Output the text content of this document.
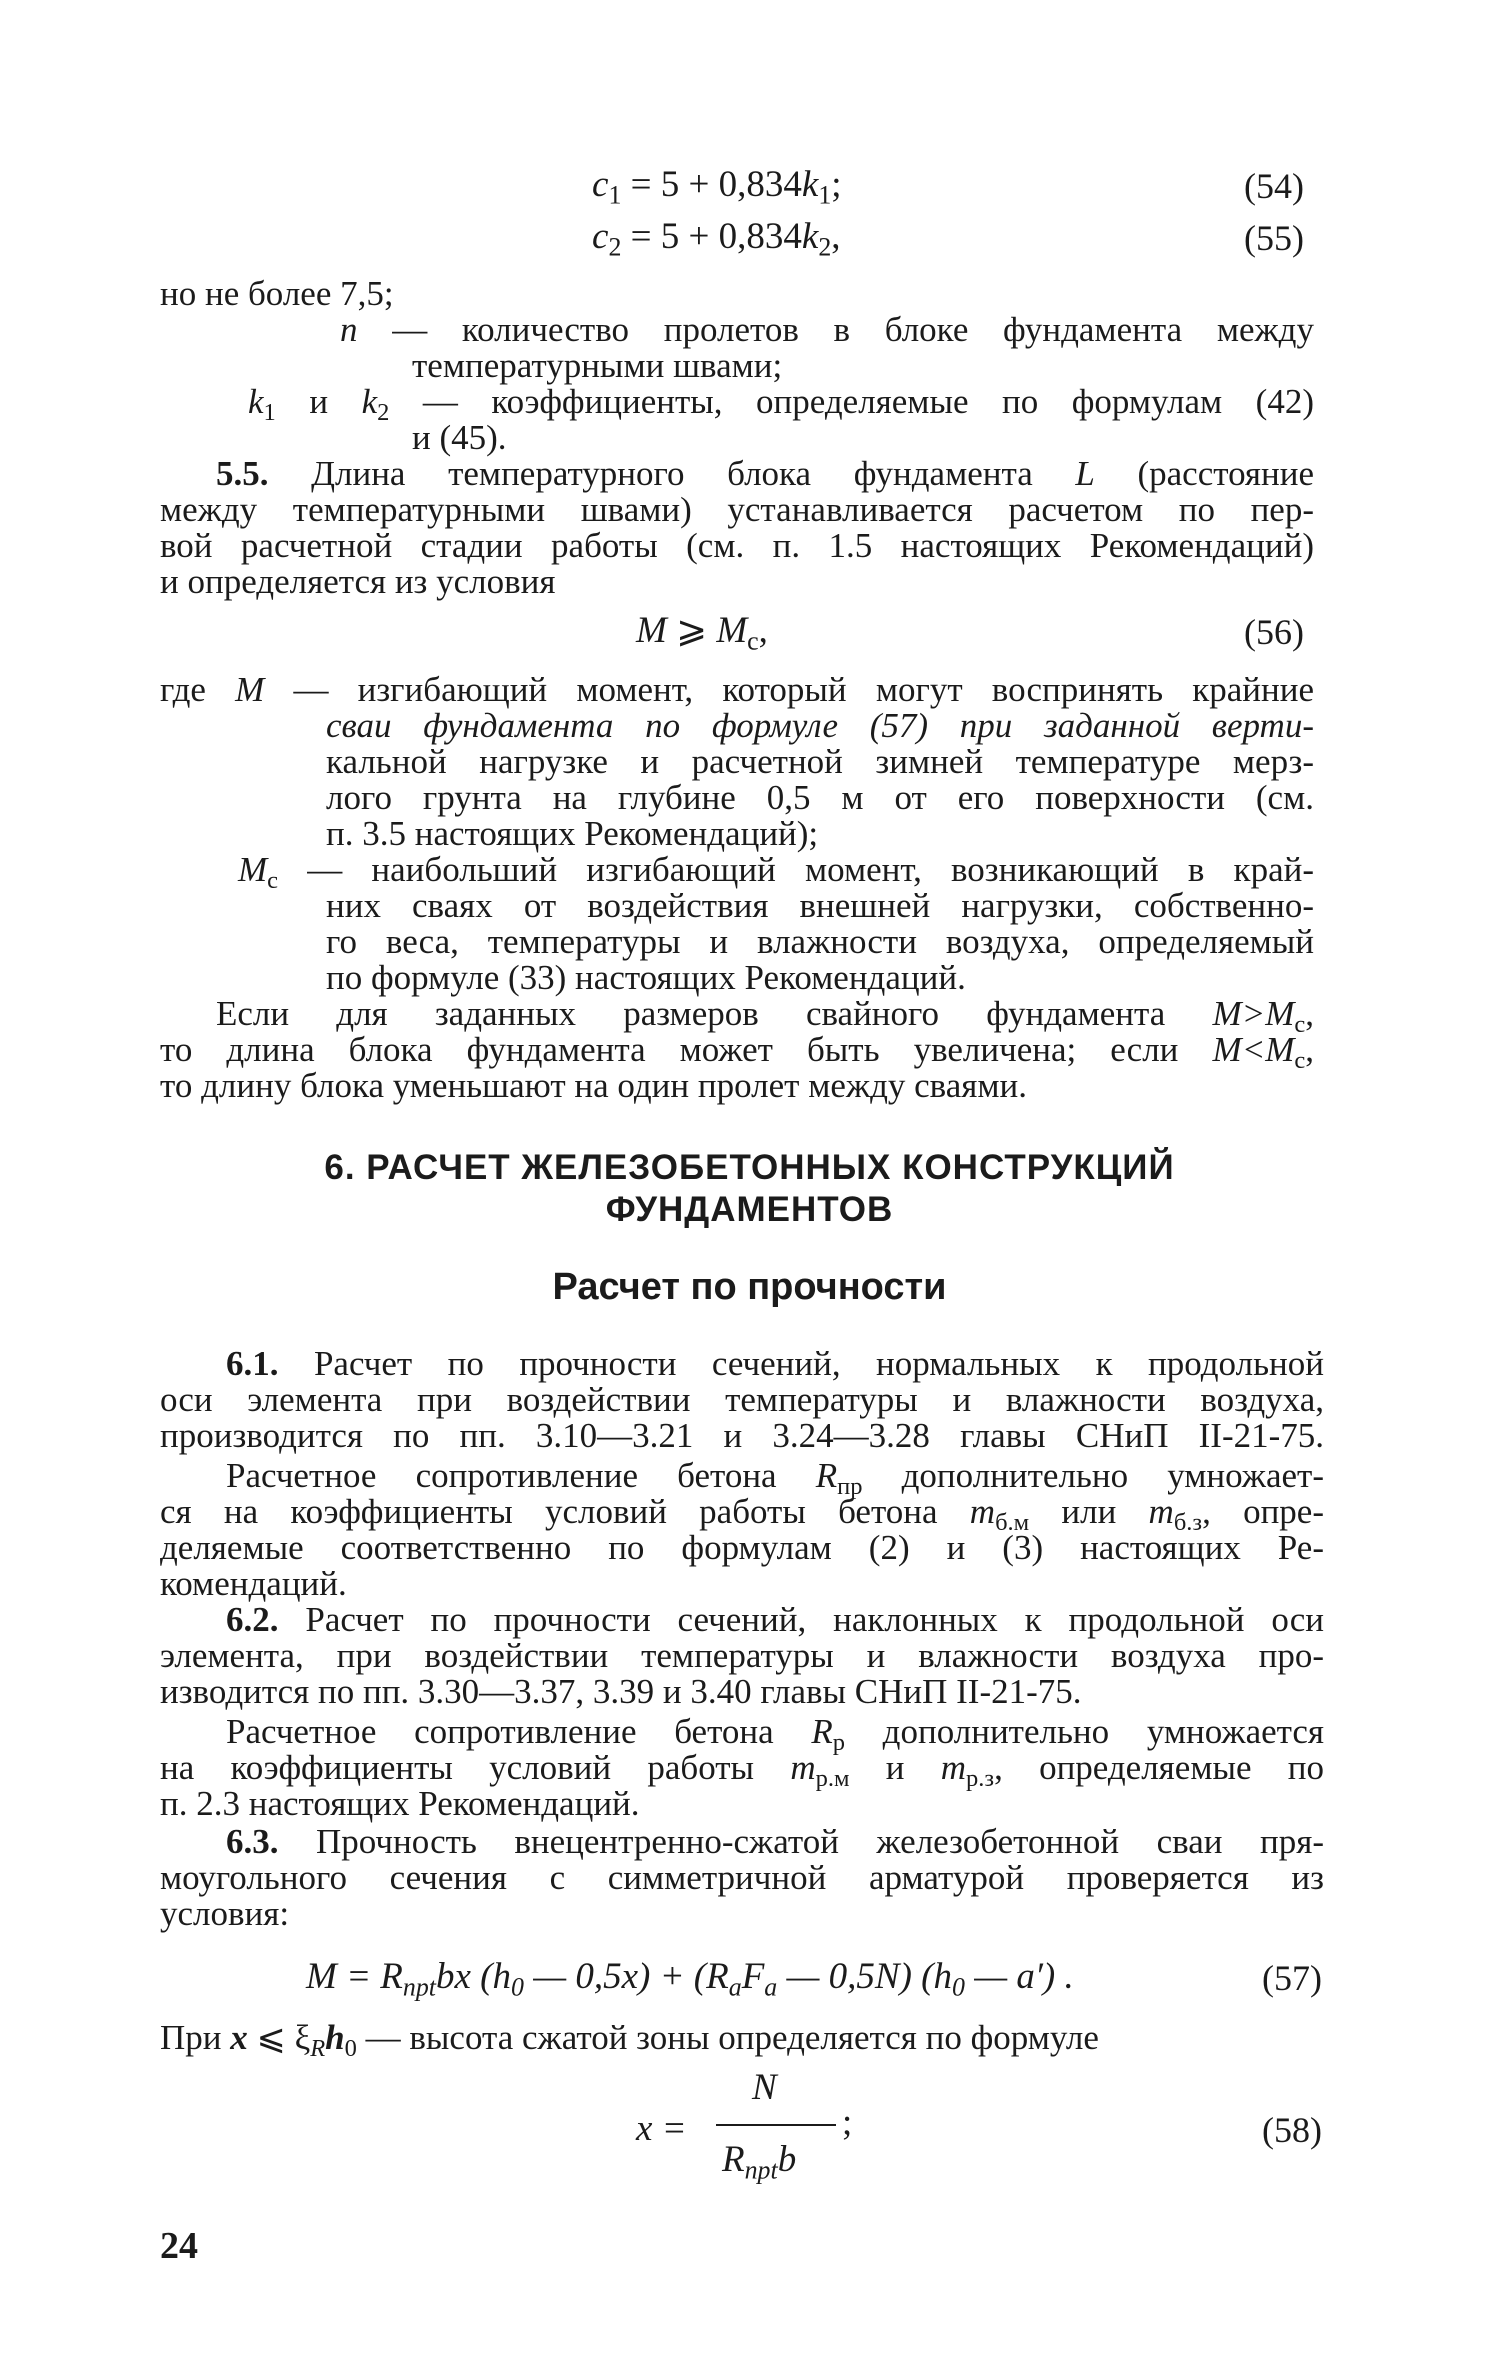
$c_1 = 5 + 0,834k_1$;	(54)
$c_2 = 5 + 0,834k_2$,	(55)
но не более 7,5;
n — количество пролетов в блоке фундамента между
температурными швами;
$k_1$ и $k_2$ — коэффициенты, определяемые по формулам (42)
и (45).
5.5. Длина температурного блока фундамента L (расстояние
между температурными швами) устанавливается расчетом по пер-
вой расчетной стадии работы (см. п. 1.5 настоящих Рекомендаций)
и определяется из условия
M ⩾ $M_c$,	(56)
где M — изгибающий момент, который могут воспринять крайние
сваи фундамента по формуле (57) при заданной верти-
кальной нагрузке и расчетной зимней температуре мерз-
лого грунта на глубине 0,5 м от его поверхности (см.
п. 3.5 настоящих Рекомендаций);
$M_c$ — наибольший изгибающий момент, возникающий в край-
них сваях от воздействия внешней нагрузки, собственно-
го веса, температуры и влажности воздуха, определяемый
по формуле (33) настоящих Рекомендаций.
Если для заданных размеров свайного фундамента $M>M_c$,
то длина блока фундамента может быть увеличена; если $M<M_c$,
то длину блока уменьшают на один пролет между сваями.
6. РАСЧЕТ ЖЕЛЕЗОБЕТОННЫХ КОНСТРУКЦИЙ
ФУНДАМЕНТОВ
Расчет по прочности
6.1. Расчет по прочности сечений, нормальных к продольной
оси элемента при воздействии температуры и влажности воздуха,
производится по пп. 3.10—3.21 и 3.24—3.28 главы СНиП II-21-75.
Расчетное сопротивление бетона $R_{пр}$ дополнительно умножает-
ся на коэффициенты условий работы бетона $m_{б.м}$ или $m_{б.з}$, опре-
деляемые соответственно по формулам (2) и (3) настоящих Ре-
комендаций.
6.2. Расчет по прочности сечений, наклонных к продольной оси
элемента, при воздействии температуры и влажности воздуха про-
изводится по пп. 3.30—3.37, 3.39 и 3.40 главы СНиП II-21-75.
Расчетное сопротивление бетона $R_р$ дополнительно умножается
на коэффициенты условий работы $m_{р.м}$ и $m_{р.з}$, определяемые по
п. 2.3 настоящих Рекомендаций.
6.3. Прочность внецентренно-сжатой железобетонной сваи пря-
моугольного сечения с симметричной арматурой проверяется из
условия:
$M = R_{прt}bx$ ($h_0$ — $0,5x) + (R_aF_a$ — 0,5N) ($h_0$ — a′) .	(57)
При x ⩽ $\xi_Rh_0$ — высота сжатой зоны определяется по формуле
x =
N
$R_{прt}b$
;	(58)
24
